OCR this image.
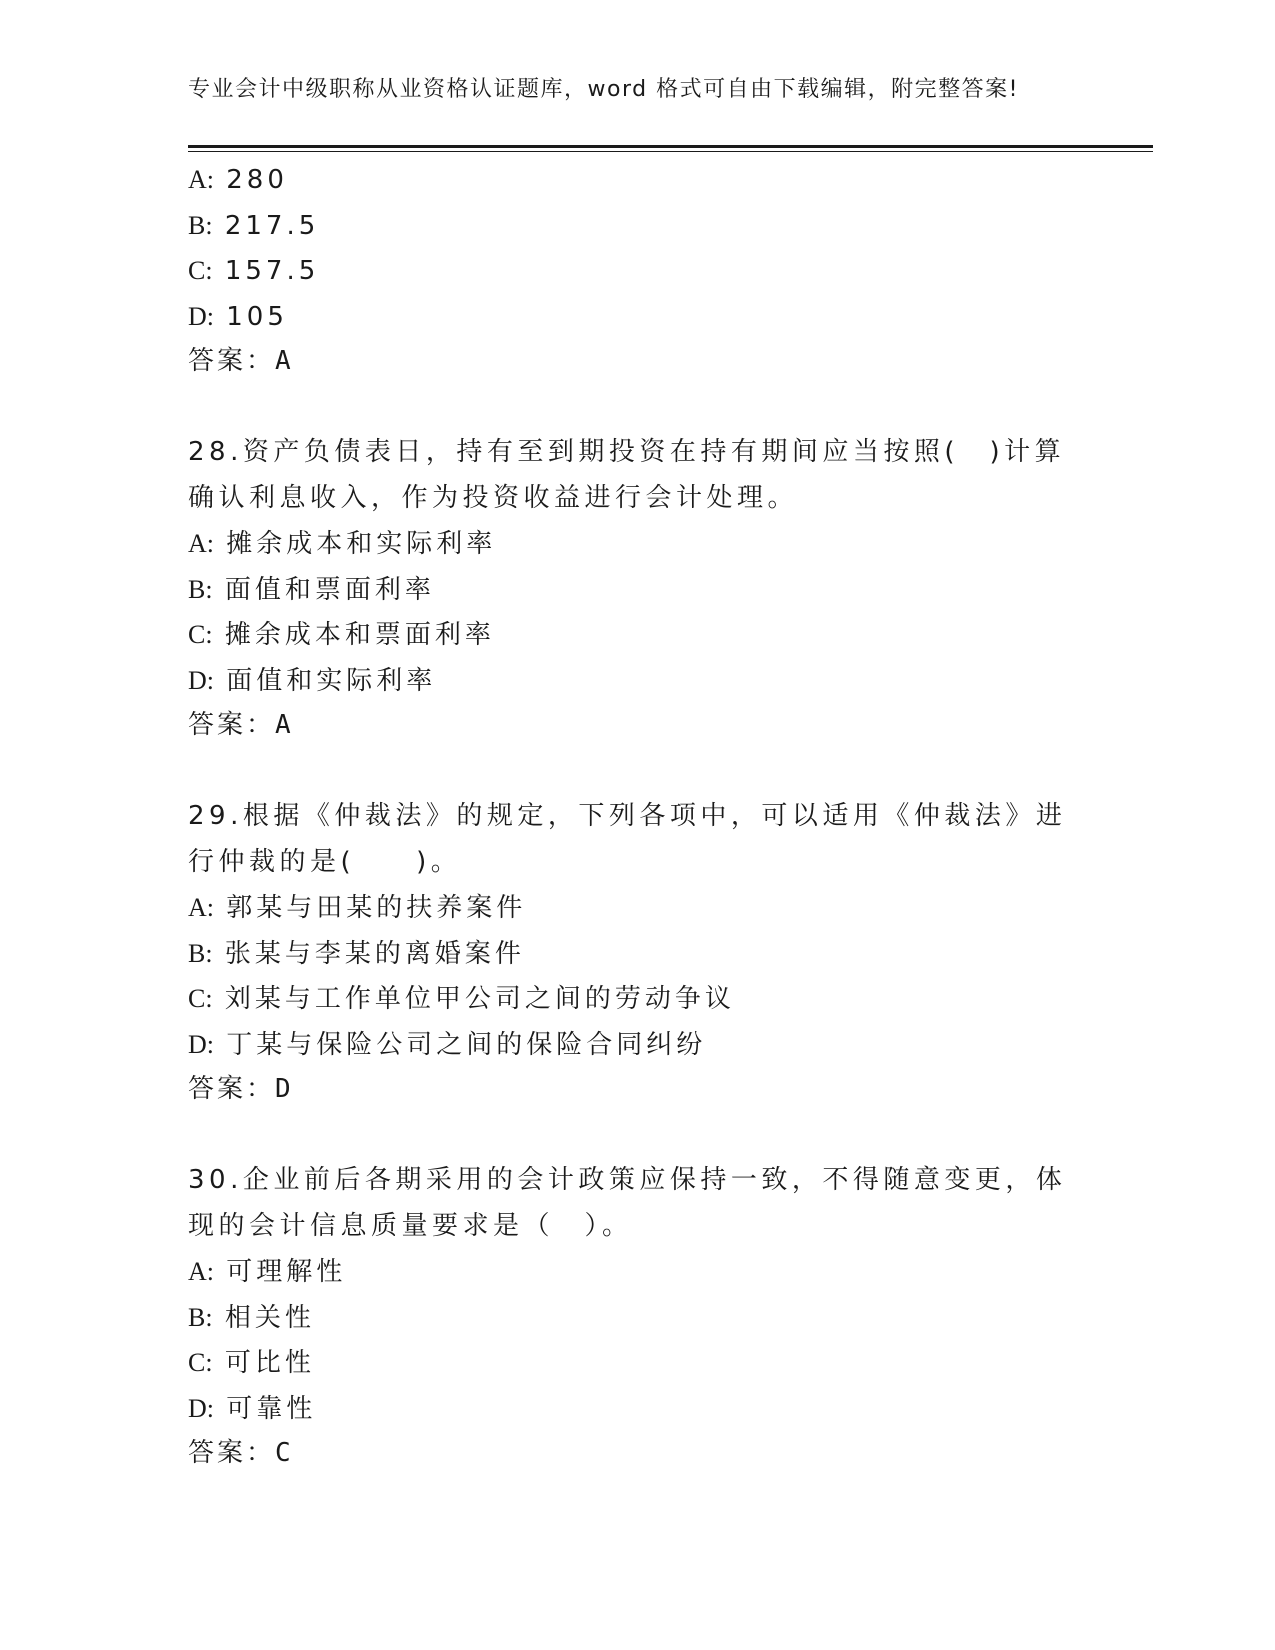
专业会计中级职称从业资格认证题库，word 格式可自由下载编辑，附完整答案!
A: 280
B: 217.5
C: 157.5
D: 105
答案：A
28.资产负债表日，持有至到期投资在持有期间应当按照(　)计算确认利息收入，作为投资收益进行会计处理。
A: 摊余成本和实际利率
B: 面值和票面利率
C: 摊余成本和票面利率
D: 面值和实际利率
答案：A
29.根据《仲裁法》的规定，下列各项中，可以适用《仲裁法》进行仲裁的是(　　)。
A: 郭某与田某的扶养案件
B: 张某与李某的离婚案件
C: 刘某与工作单位甲公司之间的劳动争议
D: 丁某与保险公司之间的保险合同纠纷
答案：D
30.企业前后各期采用的会计政策应保持一致，不得随意变更，体现的会计信息质量要求是（　）。
A: 可理解性
B: 相关性
C: 可比性
D: 可靠性
答案：C
